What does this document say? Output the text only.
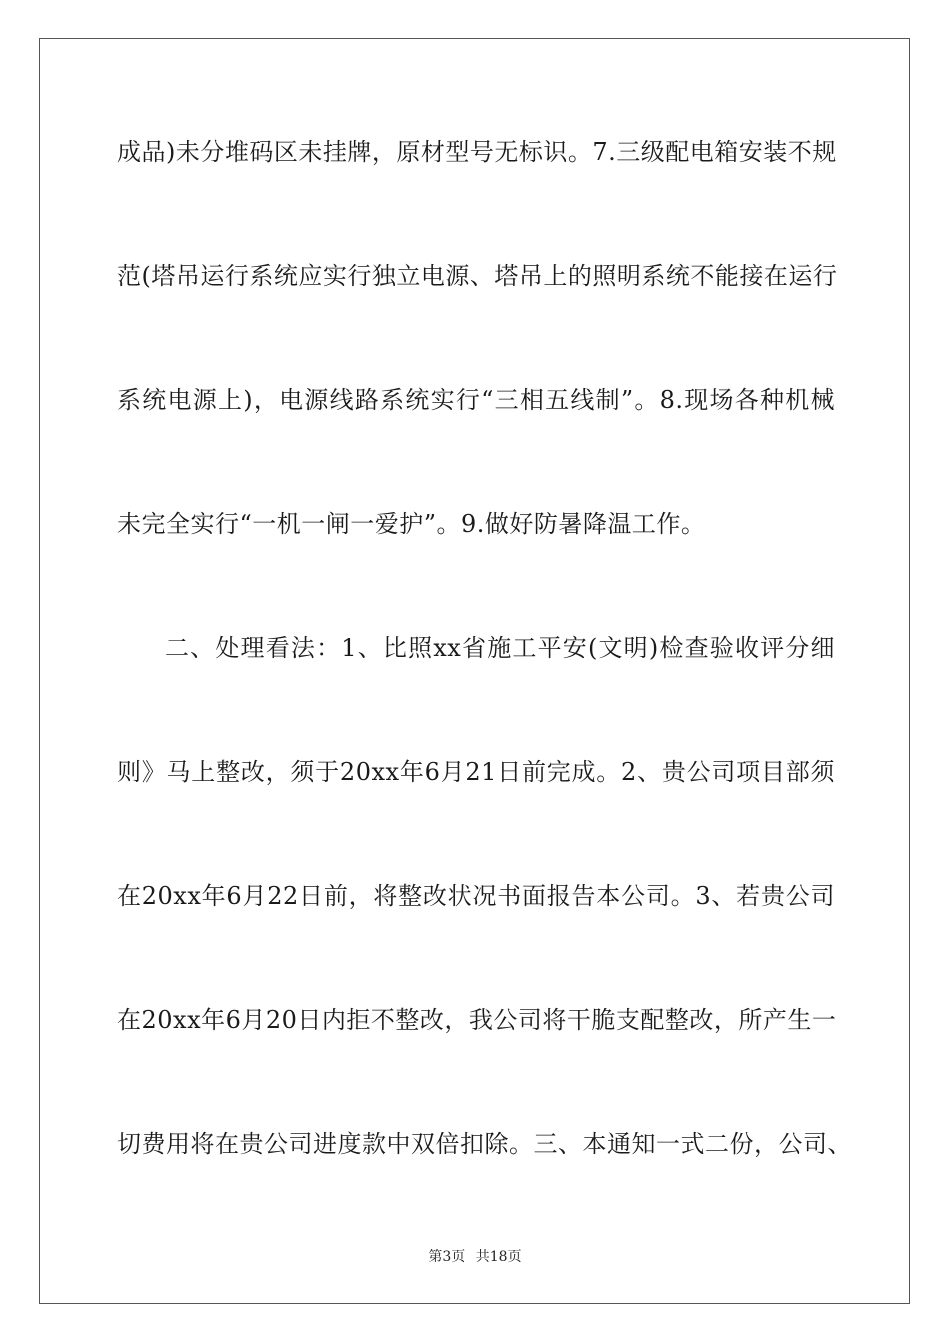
成品)未分堆码区未挂牌，原材型号无标识。7.三级配电箱安装不规
范(塔吊运行系统应实行独立电源、塔吊上的照明系统不能接在运行
系统电源上)，电源线路系统实行“三相五线制”。8.现场各种机械
未完全实行“一机一闸一爱护”。9.做好防暑降温工作。
二、处理看法：1、比照xx省施工平安(文明)检查验收评分细
则》马上整改，须于20xx年6月21日前完成。2、贵公司项目部须
在20xx年6月22日前，将整改状况书面报告本公司。3、若贵公司
在20xx年6月20日内拒不整改，我公司将干脆支配整改，所产生一
切费用将在贵公司进度款中双倍扣除。三、本通知一式二份，公司、
第3页 共18页
